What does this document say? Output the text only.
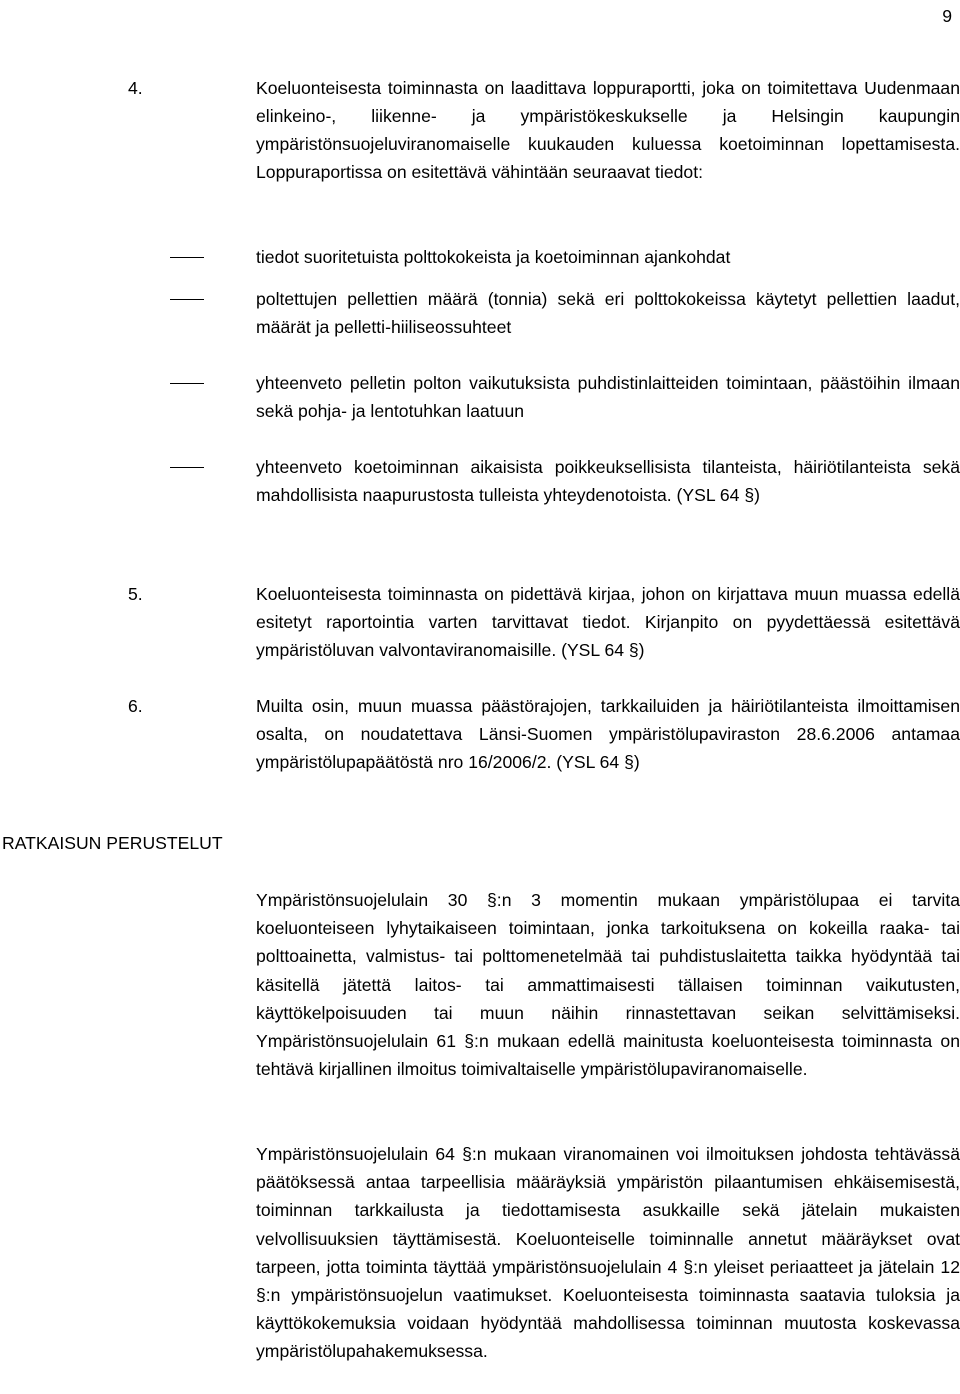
9
4.	Koeluonteisesta toiminnasta on laadittava loppuraportti, joka on toimitettava Uudenmaan elinkeino-, liikenne- ja ympäristökeskukselle ja Helsingin kaupungin ympäristönsuojeluviranomaiselle kuukauden kuluessa koetoiminnan lopettamisesta. Loppuraportissa on esitettävä vähintään seuraavat tiedot:

tiedot suoritetuista polttokokeista ja koetoiminnan ajankohdat
poltettujen pellettien määrä (tonnia) sekä eri polttokokeissa käytetyt pellettien laadut, määrät ja pelletti-hiiliseossuhteet
yhteenveto pelletin polton vaikutuksista puhdistinlaitteiden toimintaan, päästöihin ilmaan sekä pohja- ja lentotuhkan laatuun
yhteenveto koetoiminnan aikaisista poikkeuksellisista tilanteista, häiriötilanteista sekä mahdollisista naapurustosta tulleista yhteydenotoista. (YSL 64 §)
5.	Koeluonteisesta toiminnasta on pidettävä kirjaa, johon on kirjattava muun muassa edellä esitetyt raportointia varten tarvittavat tiedot. Kirjanpito on pyydettäessä esitettävä ympäristöluvan valvontaviranomaisille. (YSL 64 §)

6.	Muilta osin, muun muassa päästörajojen, tarkkailuiden ja häiriötilanteista ilmoittamisen osalta, on noudatettava Länsi-Suomen ympäristölupaviraston 28.6.2006 antamaa ympäristölupapäätöstä nro 16/2006/2. (YSL 64 §)

RATKAISUN PERUSTELUT

Ympäristönsuojelulain 30 §:n 3 momentin mukaan ympäristölupaa ei tarvita koeluonteiseen lyhytaikaiseen toimintaan, jonka tarkoituksena on kokeilla raaka- tai polttoainetta, valmistus- tai polttomenetelmää tai puhdistuslaitetta taikka hyödyntää tai käsitellä jätettä laitos- tai ammattimaisesti tällaisen toiminnan vaikutusten, käyttökelpoisuuden tai muun näihin rinnastettavan seikan selvittämiseksi. Ympäristönsuojelulain 61 §:n mukaan edellä mainitusta koeluonteisesta toiminnasta on tehtävä kirjallinen ilmoitus toimivaltaiselle ympäristölupaviranomaiselle.

Ympäristönsuojelulain 64 §:n mukaan viranomainen voi ilmoituksen johdosta tehtävässä päätöksessä antaa tarpeellisia määräyksiä ympäristön pilaantumisen ehkäisemisestä, toiminnan tarkkailusta ja tiedottamisesta asukkaille sekä jätelain mukaisten velvollisuuksien täyttämisestä. Koeluonteiselle toiminnalle annetut määräykset ovat tarpeen, jotta toiminta täyttää ympäristönsuojelulain 4 §:n yleiset periaatteet ja jätelain 12 §:n ympäristönsuojelun vaatimukset. Koeluonteisesta toiminnasta saatavia tuloksia ja käyttökokemuksia voidaan hyödyntää mahdollisessa toiminnan muutosta koskevassa ympäristölupahakemuksessa.
